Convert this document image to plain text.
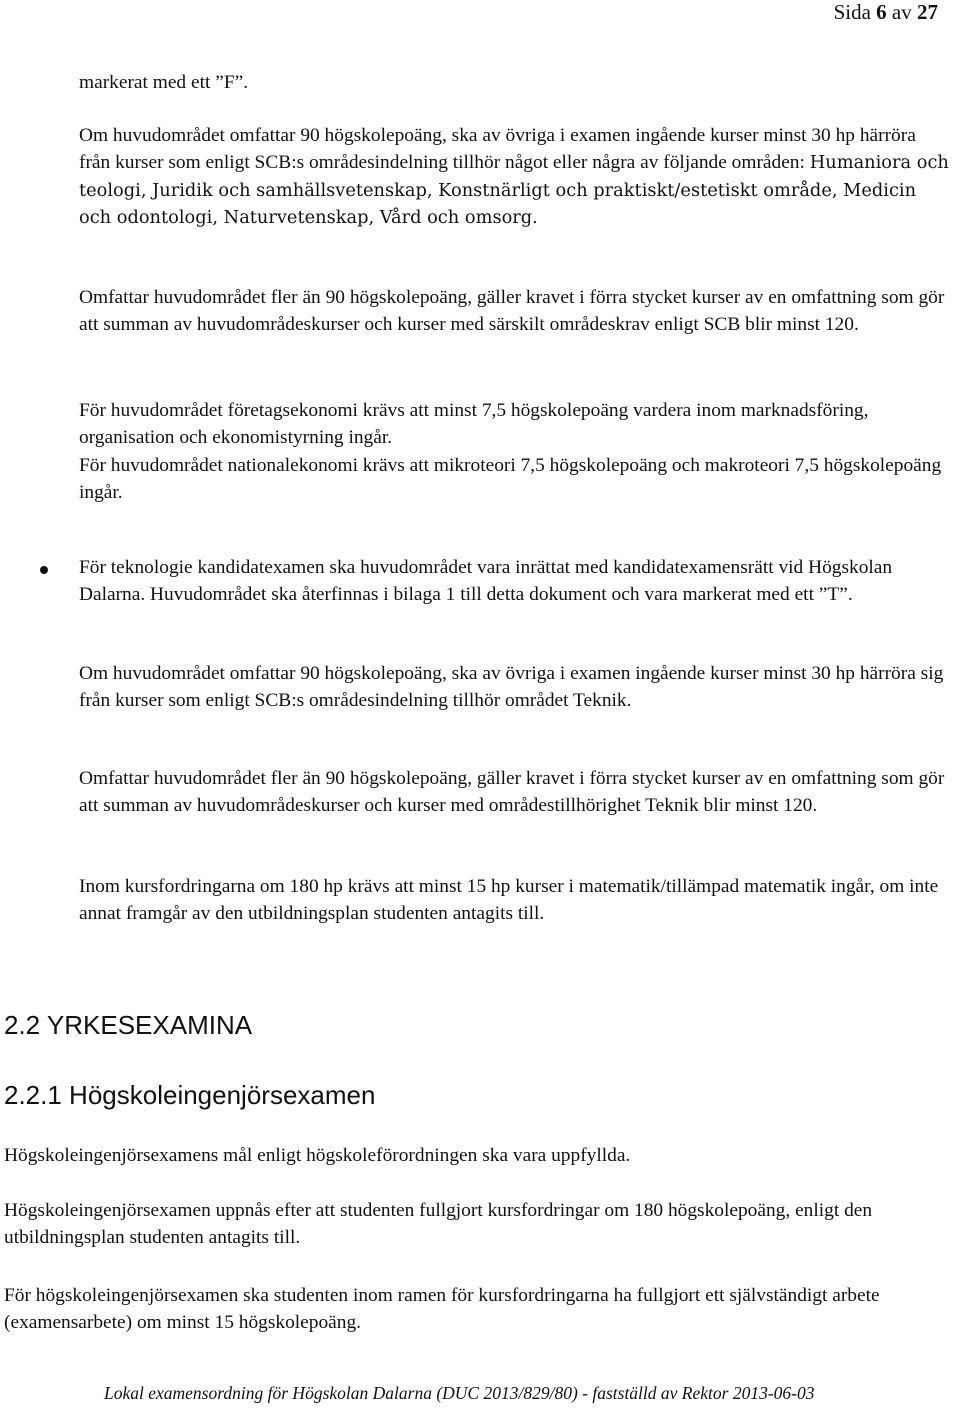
Sida 6 av 27
markerat med ett ”F”.
Om huvudområdet omfattar 90 högskolepoäng, ska av övriga i examen ingående kurser minst 30 hp härröra från kurser som enligt SCB:s områdesindelning tillhör något eller några av följande områden: Humaniora och teologi, Juridik och samhällsvetenskap, Konstnärligt och praktiskt/estetiskt område, Medicin och odontologi, Naturvetenskap, Vård och omsorg.
Omfattar huvudområdet fler än 90 högskolepoäng, gäller kravet i förra stycket kurser av en omfattning som gör att summan av huvudområdeskurser och kurser med särskilt områdeskrav enligt SCB blir minst 120.
För huvudområdet företagsekonomi krävs att minst 7,5 högskolepoäng vardera inom marknadsföring, organisation och ekonomistyrning ingår.
För huvudområdet nationalekonomi krävs att mikroteori 7,5 högskolepoäng och makroteori 7,5 högskolepoäng ingår.
För teknologie kandidatexamen ska huvudområdet vara inrättat med kandidatexamensrätt vid Högskolan Dalarna. Huvudområdet ska återfinnas i bilaga 1 till detta dokument och vara markerat med ett ”T”.
Om huvudområdet omfattar 90 högskolepoäng, ska av övriga i examen ingående kurser minst 30 hp härröra sig från kurser som enligt SCB:s områdesindelning tillhör området Teknik.
Omfattar huvudområdet fler än 90 högskolepoäng, gäller kravet i förra stycket kurser av en omfattning som gör att summan av huvudområdeskurser och kurser med områdestillhörighet Teknik blir minst 120.
Inom kursfordringarna om 180 hp krävs att minst 15 hp kurser i matematik/tillämpad matematik ingår, om inte annat framgår av den utbildningsplan studenten antagits till.
2.2 YRKESEXAMINA
2.2.1 Högskoleingenjörsexamen
Högskoleingenjörsexamens mål enligt högskoleförordningen ska vara uppfyllda.
Högskoleingenjörsexamen uppnås efter att studenten fullgjort kursfordringar om 180 högskolepoäng, enligt den utbildningsplan studenten antagits till.
För högskoleingenjörsexamen ska studenten inom ramen för kursfordringarna ha fullgjort ett självständigt arbete (examensarbete) om minst 15 högskolepoäng.
Lokal examensordning för Högskolan Dalarna (DUC 2013/829/80) - fastställd av Rektor 2013-06-03
